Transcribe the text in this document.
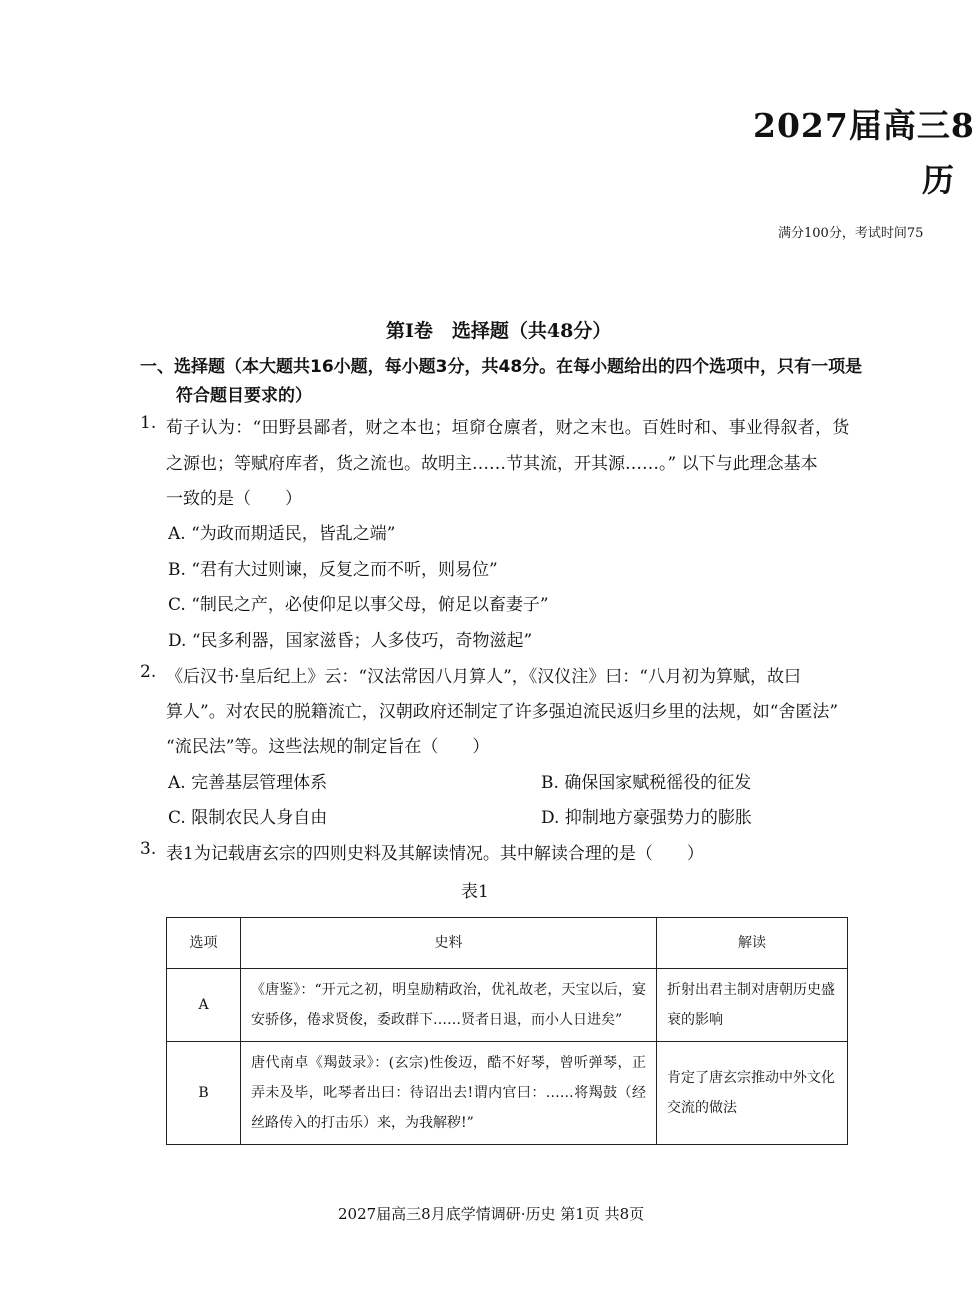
2027届高三8
历
满分100分，考试时间75
第Ⅰ卷　选择题（共48分）
一、选择题（本大题共16小题，每小题3分，共48分。在每小题给出的四个选项中，只有一项是
符合题目要求的）
1. 荀子认为：“田野县鄙者，财之本也；垣窌仓廪者，财之末也。百姓时和、事业得叙者，货
之源也；等赋府库者，货之流也。故明主……节其流，开其源……。” 以下与此理念基本
一致的是（　　）
A. “为政而期适民，皆乱之端”
B. “君有大过则谏，反复之而不听，则易位”
C. “制民之产，必使仰足以事父母，俯足以畜妻子”
D. “民多利器，国家滋昏；人多伎巧，奇物滋起”
2. 《后汉书·皇后纪上》云：“汉法常因八月算人”，《汉仪注》曰：“八月初为算赋，故曰
算人”。对农民的脱籍流亡，汉朝政府还制定了许多强迫流民返归乡里的法规，如“舍匿法”
“流民法”等。这些法规的制定旨在（　　）
A. 完善基层管理体系	B. 确保国家赋税徭役的征发
C. 限制农民人身自由	D. 抑制地方豪强势力的膨胀
3. 表1为记载唐玄宗的四则史料及其解读情况。其中解读合理的是（　　）
表1
选项	史料	解读
A	《唐鉴》：“开元之初，明皇励精政治，优礼故老，天宝以后，宴安骄侈，倦求贤俊，委政群下……贤者日退，而小人日进矣”	折射出君主制对唐朝历史盛衰的影响
B	唐代南卓《羯鼓录》：(玄宗)性俊迈，酷不好琴，曾听弹琴，正弄未及毕，叱琴者出曰：待诏出去!谓内官曰：……将羯鼓（经丝路传入的打击乐）来，为我解秽!”	肯定了唐玄宗推动中外文化交流的做法
2027届高三8月底学情调研·历史 第1页 共8页
